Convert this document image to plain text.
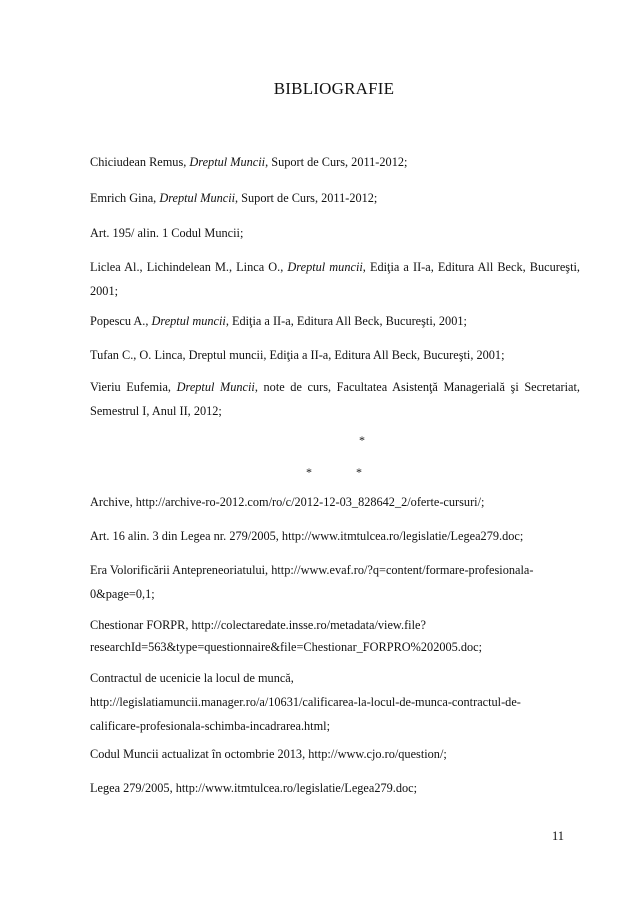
BIBLIOGRAFIE
Chiciudean Remus, Dreptul Muncii, Suport de Curs, 2011-2012;
Emrich Gina, Dreptul Muncii, Suport de Curs, 2011-2012;
Art. 195/ alin. 1 Codul Muncii;
Liclea Al., Lichindelean M., Linca O., Dreptul muncii, Ediţia a II-a, Editura All Beck, Bucureşti, 2001;
Popescu A., Dreptul muncii, Ediţia a II-a, Editura All Beck, Bucureşti, 2001;
Tufan C., O. Linca, Dreptul muncii, Ediţia a II-a, Editura All Beck, Bucureşti, 2001;
Vieriu Eufemia, Dreptul Muncii, note de curs, Facultatea Asistenţă Managerială şi Secretariat, Semestrul I, Anul II, 2012;
*
*	*
Archive, http://archive-ro-2012.com/ro/c/2012-12-03_828642_2/oferte-cursuri/;
Art. 16 alin. 3 din Legea nr. 279/2005, http://www.itmtulcea.ro/legislatie/Legea279.doc;
Era Volorificării Antepreneoriatului, http://www.evaf.ro/?q=content/formare-profesionala-
0&page=0,1;
Chestionar FORPR, http://colectaredate.insse.ro/metadata/view.file?
researchId=563&type=questionnaire&file=Chestionar_FORPRO%202005.doc;
Contractul de ucenicie la locul de muncă,
http://legislatiamuncii.manager.ro/a/10631/calificarea-la-locul-de-munca-contractul-de-
calificare-profesionala-schimba-incadrarea.html;
Codul Muncii actualizat în octombrie 2013, http://www.cjo.ro/question/;
Legea 279/2005, http://www.itmtulcea.ro/legislatie/Legea279.doc;
11
